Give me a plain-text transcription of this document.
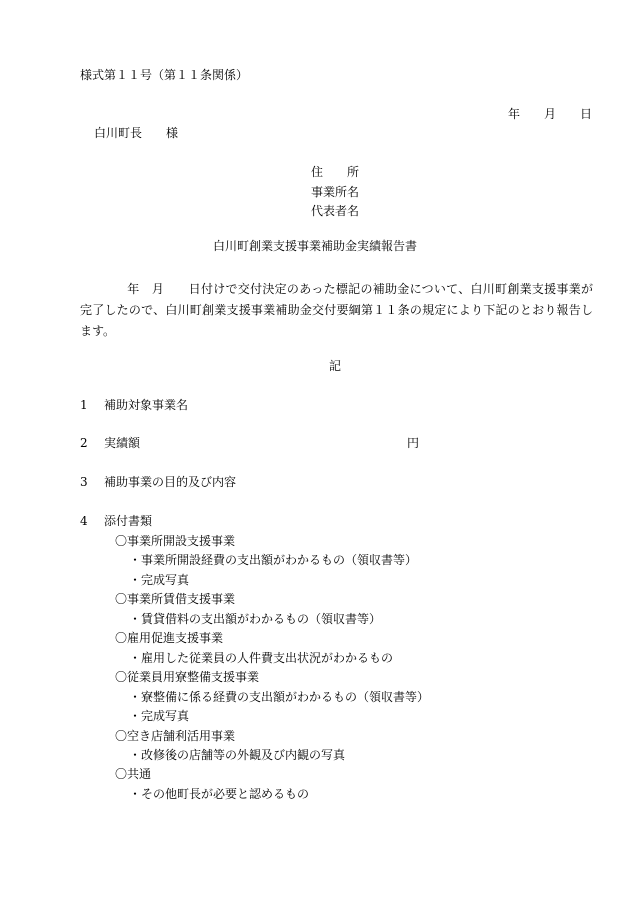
様式第１１号（第１１条関係）
年 月 日
白川町長　　様
住　　所
事業所名
代表者名
白川町創業支援事業補助金実績報告書
年　月　　日付けで交付決定のあった標記の補助金について、白川町創業支援事業が完了したので、白川町創業支援事業補助金交付要綱第１１条の規定により下記のとおり報告します。
記
1 補助対象事業名
2 実績額	円
3 補助事業の目的及び内容
4 添付書類
〇事業所開設支援事業
・事業所開設経費の支出額がわかるもの（領収書等）
・完成写真
〇事業所賃借支援事業
・賃貸借料の支出額がわかるもの（領収書等）
〇雇用促進支援事業
・雇用した従業員の人件費支出状況がわかるもの
〇従業員用寮整備支援事業
・寮整備に係る経費の支出額がわかるもの（領収書等）
・完成写真
〇空き店舗利活用事業
・改修後の店舗等の外観及び内観の写真
〇共通
・その他町長が必要と認めるもの
